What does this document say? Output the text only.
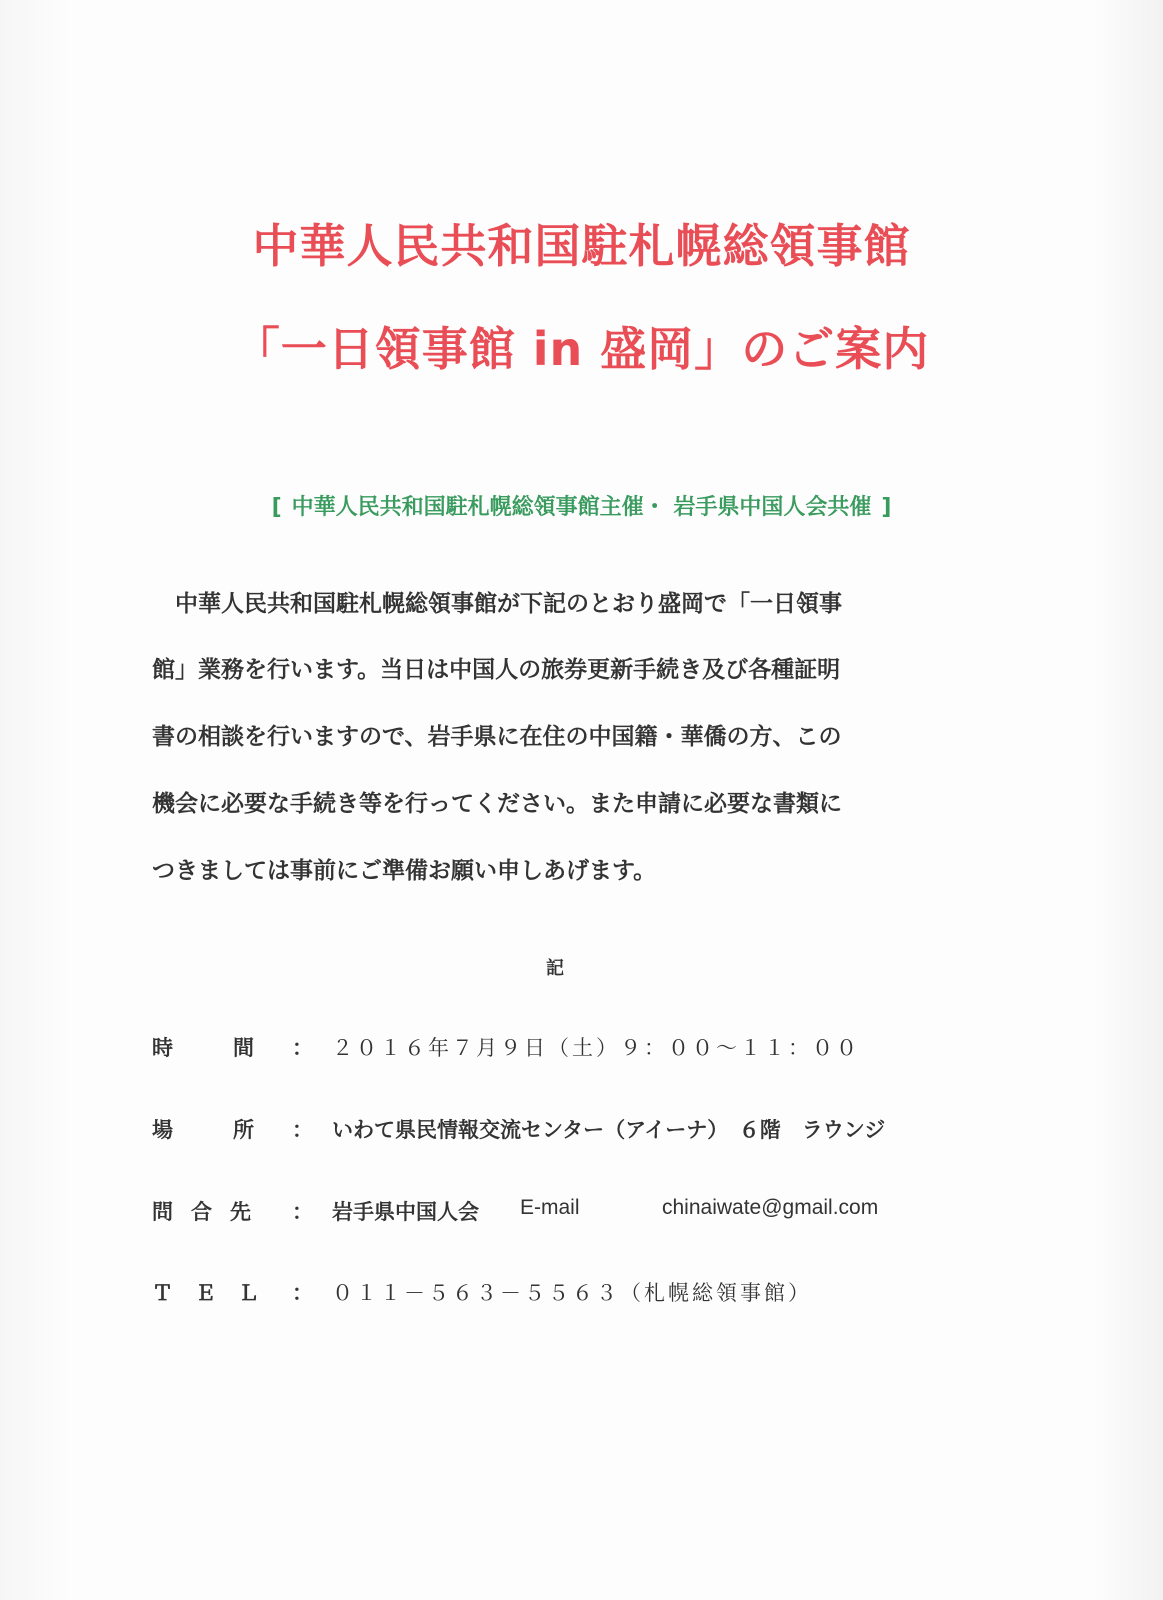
中華人民共和国駐札幌総領事館
「一日領事館 in 盛岡」のご案内
[ 中華人民共和国駐札幌総領事館主催・ 岩手県中国人会共催 ]
　中華人民共和国駐札幌総領事館が下記のとおり盛岡で「一日領事
館」業務を行います。当日は中国人の旅券更新手続き及び各種証明
書の相談を行いますので、岩手県に在住の中国籍・華僑の方、この
機会に必要な手続き等を行ってください。また申請に必要な書類に
つきましては事前にご準備お願い申しあげます。
記
時	間 ： ２０１６年７月９日（土）９：００～１１：００
場	所 ： いわて県民情報交流センター（アイーナ）　６階　ラウンジ
問 合 先 ： 岩手県中国人会 E-mail	chinaiwate@gmail.com
ＴＥＬ ： ０１１－５６３－５５６３（札幌総領事館）
